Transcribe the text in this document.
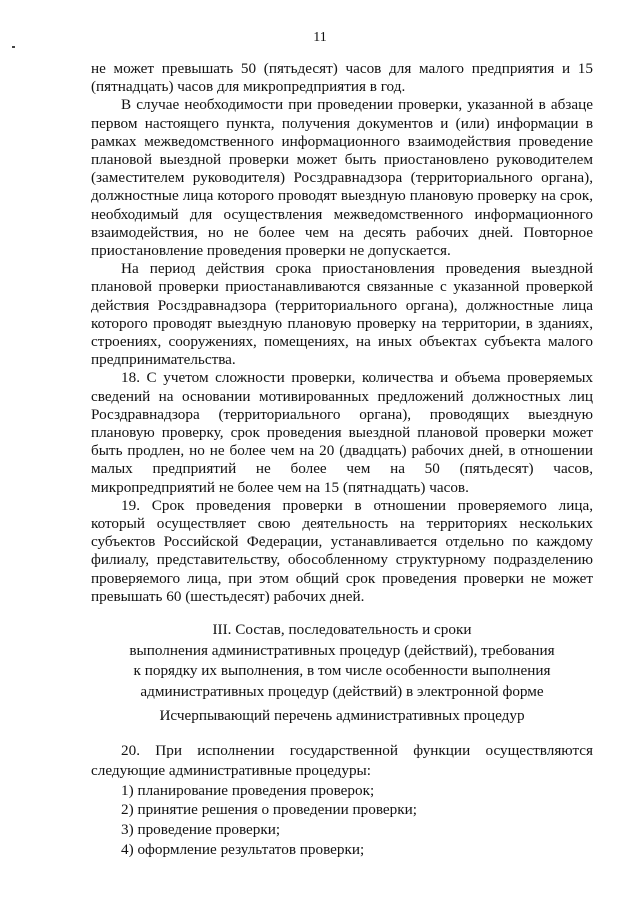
11

не может превышать 50 (пятьдесят) часов для малого предприятия и 15 (пятнадцать) часов для микропредприятия в год.

В случае необходимости при проведении проверки, указанной в абзаце первом настоящего пункта, получения документов и (или) информации в рамках межведомственного информационного взаимодействия проведение плановой выездной проверки может быть приостановлено руководителем (заместителем руководителя) Росздравнадзора (территориального органа), должностные лица которого проводят выездную плановую проверку на срок, необходимый для осуществления межведомственного информационного взаимодействия, но не более чем на десять рабочих дней. Повторное приостановление проведения проверки не допускается.

На период действия срока приостановления проведения выездной плановой проверки приостанавливаются связанные с указанной проверкой действия Росздравнадзора (территориального органа), должностные лица которого проводят выездную плановую проверку на территории, в зданиях, строениях, сооружениях, помещениях, на иных объектах субъекта малого предпринимательства.

18. С учетом сложности проверки, количества и объема проверяемых сведений на основании мотивированных предложений должностных лиц Росздравнадзора (территориального органа), проводящих выездную плановую проверку, срок проведения выездной плановой проверки может быть продлен, но не более чем на 20 (двадцать) рабочих дней, в отношении малых предприятий не более чем на 50 (пятьдесят) часов, микропредприятий не более чем на 15 (пятнадцать) часов.

19. Срок проведения проверки в отношении проверяемого лица, который осуществляет свою деятельность на территориях нескольких субъектов Российской Федерации, устанавливается отдельно по каждому филиалу, представительству, обособленному структурному подразделению проверяемого лица, при этом общий срок проведения проверки не может превышать 60 (шестьдесят) рабочих дней.

III. Состав, последовательность и сроки
выполнения административных процедур (действий), требования
к порядку их выполнения, в том числе особенности выполнения
административных процедур (действий) в электронной форме
Исчерпывающий перечень административных процедур

20. При исполнении государственной функции осуществляются следующие административные процедуры:

1) планирование проведения проверок;

2) принятие решения о проведении проверки;

3) проведение проверки;

4) оформление результатов проверки;
